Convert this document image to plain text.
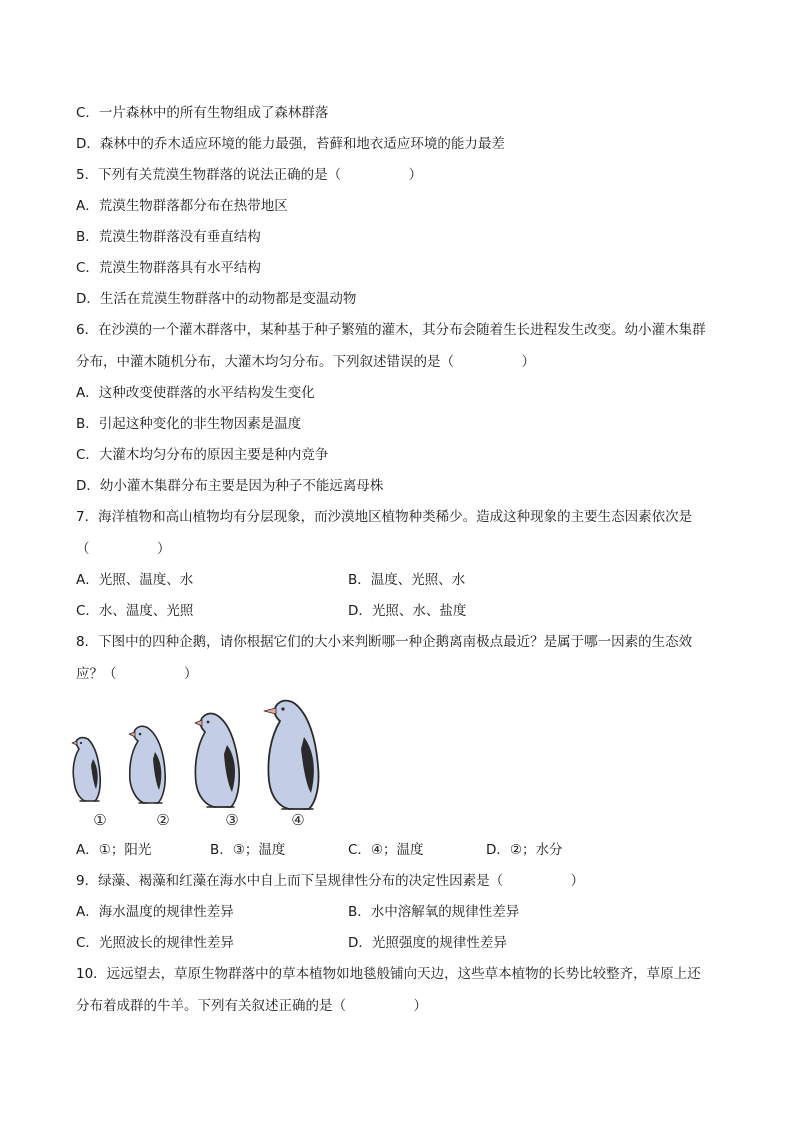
C．一片森林中的所有生物组成了森林群落
D．森林中的乔木适应环境的能力最强，苔藓和地衣适应环境的能力最差
5．下列有关荒漠生物群落的说法正确的是（　　　　　）
A．荒漠生物群落都分布在热带地区
B．荒漠生物群落没有垂直结构
C．荒漠生物群落具有水平结构
D．生活在荒漠生物群落中的动物都是变温动物
6．在沙漠的一个灌木群落中，某种基于种子繁殖的灌木，其分布会随着生长进程发生改变。幼小灌木集群
分布，中灌木随机分布，大灌木均匀分布。下列叙述错误的是（　　　　　）
A．这种改变使群落的水平结构发生变化
B．引起这种变化的非生物因素是温度
C．大灌木均匀分布的原因主要是种内竞争
D．幼小灌木集群分布主要是因为种子不能远离母株
7．海洋植物和高山植物均有分层现象，而沙漠地区植物种类稀少。造成这种现象的主要生态因素依次是
（　　　　　）
A．光照、温度、水	B．温度、光照、水
C．水、温度、光照	D．光照、水、盐度
8．下图中的四种企鹅，请你根据它们的大小来判断哪一种企鹅离南极点最近？是属于哪一因素的生态效
应？（　　　　　）
①	②	③	④
A．①；阳光	B．③；温度	C．④；温度	D．②；水分
9．绿藻、褐藻和红藻在海水中自上而下呈规律性分布的决定性因素是（　　　　　）
A．海水温度的规律性差异	B．水中溶解氧的规律性差异
C．光照波长的规律性差异	D．光照强度的规律性差异
10．远远望去，草原生物群落中的草本植物如地毯般铺向天边，这些草本植物的长势比较整齐，草原上还
分布着成群的牛羊。下列有关叙述正确的是（　　　　　）
